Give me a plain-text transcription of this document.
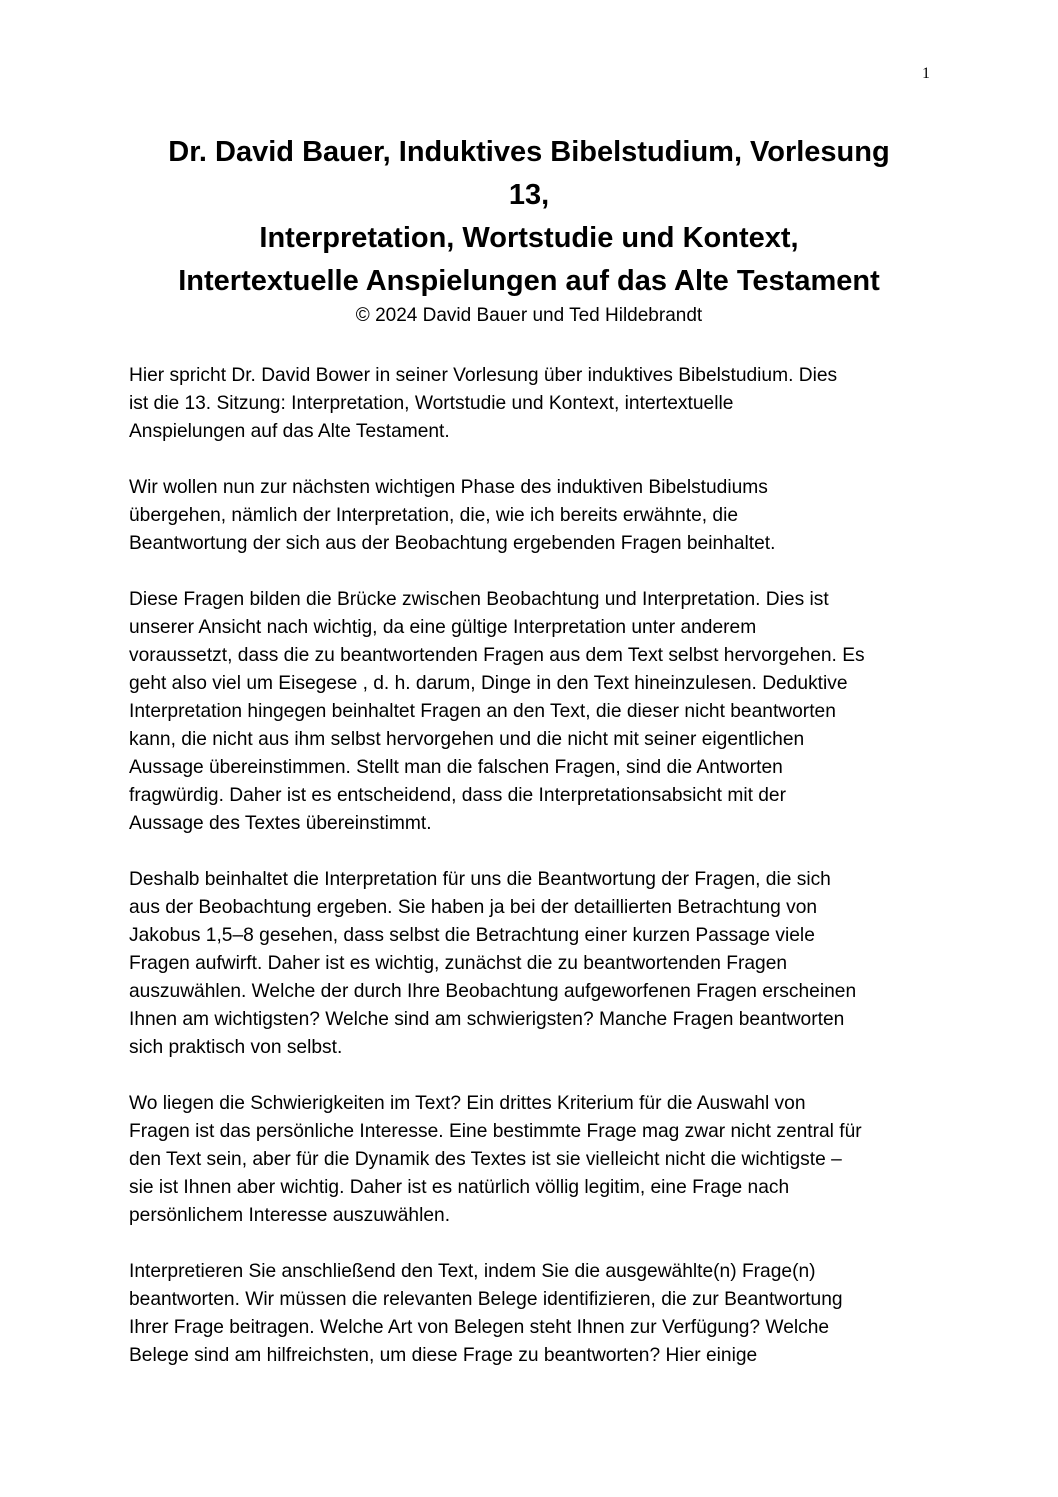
1

Dr. David Bauer, Induktives Bibelstudium, Vorlesung

13,

Interpretation, Wortstudie und Kontext,

Intertextuelle Anspielungen auf das Alte Testament

© 2024 David Bauer und Ted Hildebrandt

Hier spricht Dr. David Bower in seiner Vorlesung über induktives Bibelstudium. Dies
ist die 13. Sitzung: Interpretation, Wortstudie und Kontext, intertextuelle
Anspielungen auf das Alte Testament.

Wir wollen nun zur nächsten wichtigen Phase des induktiven Bibelstudiums
übergehen, nämlich der Interpretation, die, wie ich bereits erwähnte, die
Beantwortung der sich aus der Beobachtung ergebenden Fragen beinhaltet.

Diese Fragen bilden die Brücke zwischen Beobachtung und Interpretation. Dies ist
unserer Ansicht nach wichtig, da eine gültige Interpretation unter anderem
voraussetzt, dass die zu beantwortenden Fragen aus dem Text selbst hervorgehen. Es
geht also viel um Eisegese , d. h. darum, Dinge in den Text hineinzulesen. Deduktive
Interpretation hingegen beinhaltet Fragen an den Text, die dieser nicht beantworten
kann, die nicht aus ihm selbst hervorgehen und die nicht mit seiner eigentlichen
Aussage übereinstimmen. Stellt man die falschen Fragen, sind die Antworten
fragwürdig. Daher ist es entscheidend, dass die Interpretationsabsicht mit der
Aussage des Textes übereinstimmt.

Deshalb beinhaltet die Interpretation für uns die Beantwortung der Fragen, die sich
aus der Beobachtung ergeben. Sie haben ja bei der detaillierten Betrachtung von
Jakobus 1,5–8 gesehen, dass selbst die Betrachtung einer kurzen Passage viele
Fragen aufwirft. Daher ist es wichtig, zunächst die zu beantwortenden Fragen
auszuwählen. Welche der durch Ihre Beobachtung aufgeworfenen Fragen erscheinen
Ihnen am wichtigsten? Welche sind am schwierigsten? Manche Fragen beantworten
sich praktisch von selbst.

Wo liegen die Schwierigkeiten im Text? Ein drittes Kriterium für die Auswahl von
Fragen ist das persönliche Interesse. Eine bestimmte Frage mag zwar nicht zentral für
den Text sein, aber für die Dynamik des Textes ist sie vielleicht nicht die wichtigste –
sie ist Ihnen aber wichtig. Daher ist es natürlich völlig legitim, eine Frage nach
persönlichem Interesse auszuwählen.

Interpretieren Sie anschließend den Text, indem Sie die ausgewählte(n) Frage(n)
beantworten. Wir müssen die relevanten Belege identifizieren, die zur Beantwortung
Ihrer Frage beitragen. Welche Art von Belegen steht Ihnen zur Verfügung? Welche
Belege sind am hilfreichsten, um diese Frage zu beantworten? Hier einige
